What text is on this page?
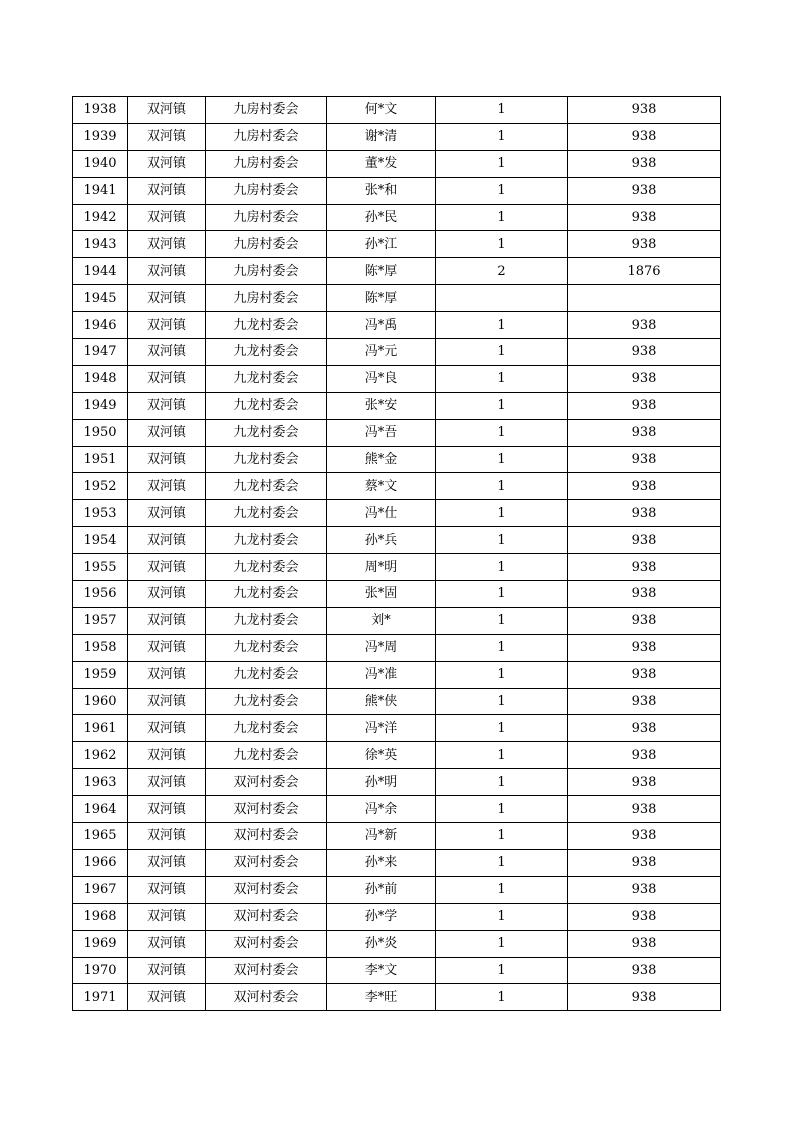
1938	双河镇	九房村委会	何*文	1	938
1939	双河镇	九房村委会	谢*清	1	938
1940	双河镇	九房村委会	董*发	1	938
1941	双河镇	九房村委会	张*和	1	938
1942	双河镇	九房村委会	孙*民	1	938
1943	双河镇	九房村委会	孙*江	1	938
1944	双河镇	九房村委会	陈*厚	2	1876
1945	双河镇	九房村委会	陈*厚		
1946	双河镇	九龙村委会	冯*禹	1	938
1947	双河镇	九龙村委会	冯*元	1	938
1948	双河镇	九龙村委会	冯*良	1	938
1949	双河镇	九龙村委会	张*安	1	938
1950	双河镇	九龙村委会	冯*吾	1	938
1951	双河镇	九龙村委会	熊*金	1	938
1952	双河镇	九龙村委会	蔡*文	1	938
1953	双河镇	九龙村委会	冯*仕	1	938
1954	双河镇	九龙村委会	孙*兵	1	938
1955	双河镇	九龙村委会	周*明	1	938
1956	双河镇	九龙村委会	张*固	1	938
1957	双河镇	九龙村委会	刘*	1	938
1958	双河镇	九龙村委会	冯*周	1	938
1959	双河镇	九龙村委会	冯*准	1	938
1960	双河镇	九龙村委会	熊*侠	1	938
1961	双河镇	九龙村委会	冯*洋	1	938
1962	双河镇	九龙村委会	徐*英	1	938
1963	双河镇	双河村委会	孙*明	1	938
1964	双河镇	双河村委会	冯*余	1	938
1965	双河镇	双河村委会	冯*新	1	938
1966	双河镇	双河村委会	孙*来	1	938
1967	双河镇	双河村委会	孙*前	1	938
1968	双河镇	双河村委会	孙*学	1	938
1969	双河镇	双河村委会	孙*炎	1	938
1970	双河镇	双河村委会	李*文	1	938
1971	双河镇	双河村委会	李*旺	1	938
